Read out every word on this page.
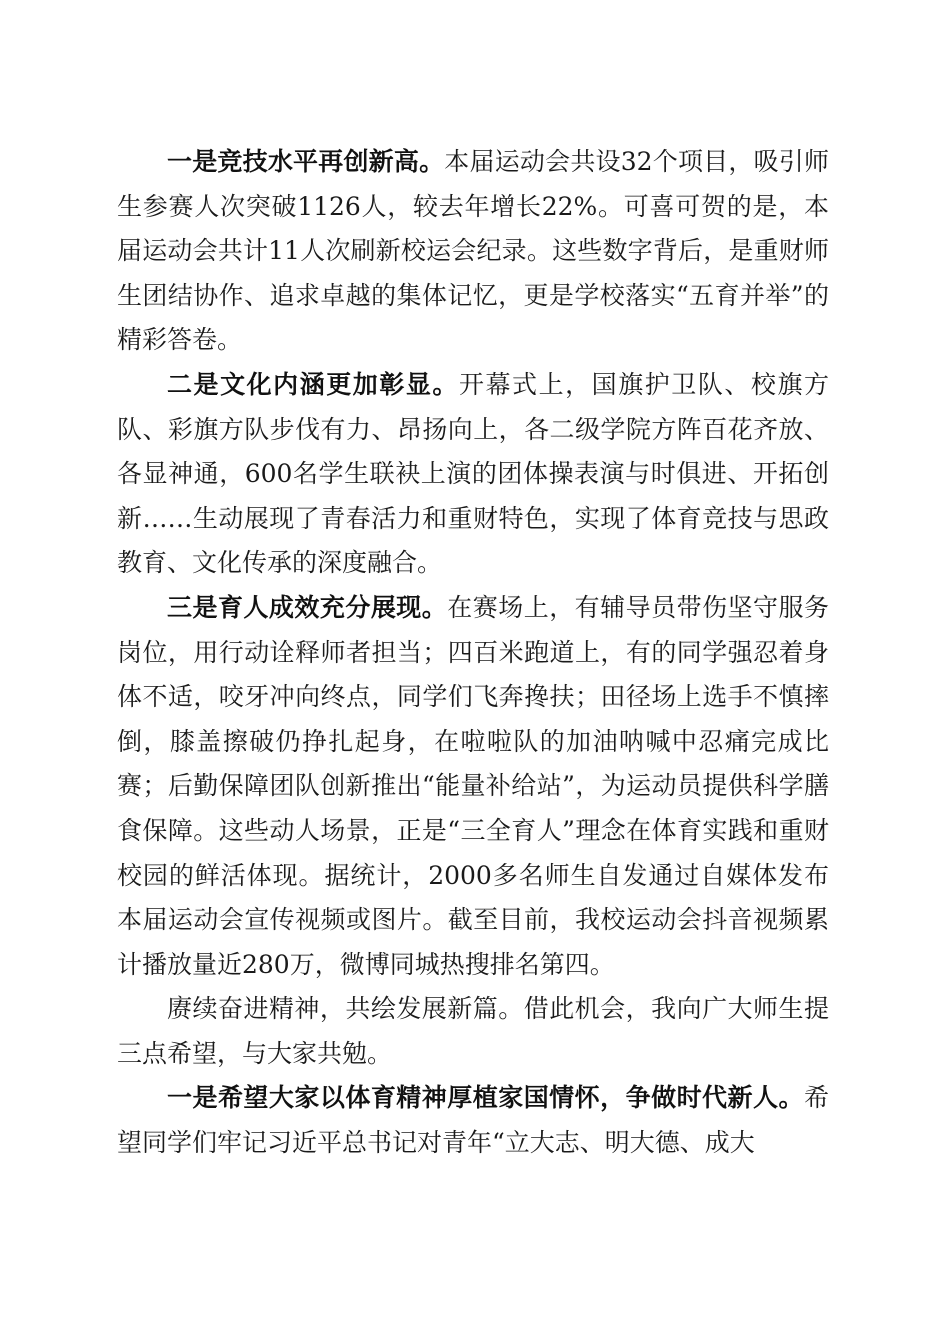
一是竞技水平再创新高。本届运动会共设32个项目，吸引师生参赛人次突破1126人，较去年增长22%。可喜可贺的是，本届运动会共计11人次刷新校运会纪录。这些数字背后，是重财师生团结协作、追求卓越的集体记忆，更是学校落实“五育并举”的精彩答卷。

二是文化内涵更加彰显。开幕式上，国旗护卫队、校旗方队、彩旗方队步伐有力、昂扬向上，各二级学院方阵百花齐放、各显神通，600名学生联袂上演的团体操表演与时俱进、开拓创新……生动展现了青春活力和重财特色，实现了体育竞技与思政教育、文化传承的深度融合。

三是育人成效充分展现。在赛场上，有辅导员带伤坚守服务岗位，用行动诠释师者担当；四百米跑道上，有的同学强忍着身体不适，咬牙冲向终点，同学们飞奔搀扶；田径场上选手不慎摔倒，膝盖擦破仍挣扎起身，在啦啦队的加油呐喊中忍痛完成比赛；后勤保障团队创新推出“能量补给站”，为运动员提供科学膳食保障。这些动人场景，正是“三全育人”理念在体育实践和重财校园的鲜活体现。据统计，2000多名师生自发通过自媒体发布本届运动会宣传视频或图片。截至目前，我校运动会抖音视频累计播放量近280万，微博同城热搜排名第四。

赓续奋进精神，共绘发展新篇。借此机会，我向广大师生提三点希望，与大家共勉。

一是希望大家以体育精神厚植家国情怀，争做时代新人。希望同学们牢记习近平总书记对青年“立大志、明大德、成大
